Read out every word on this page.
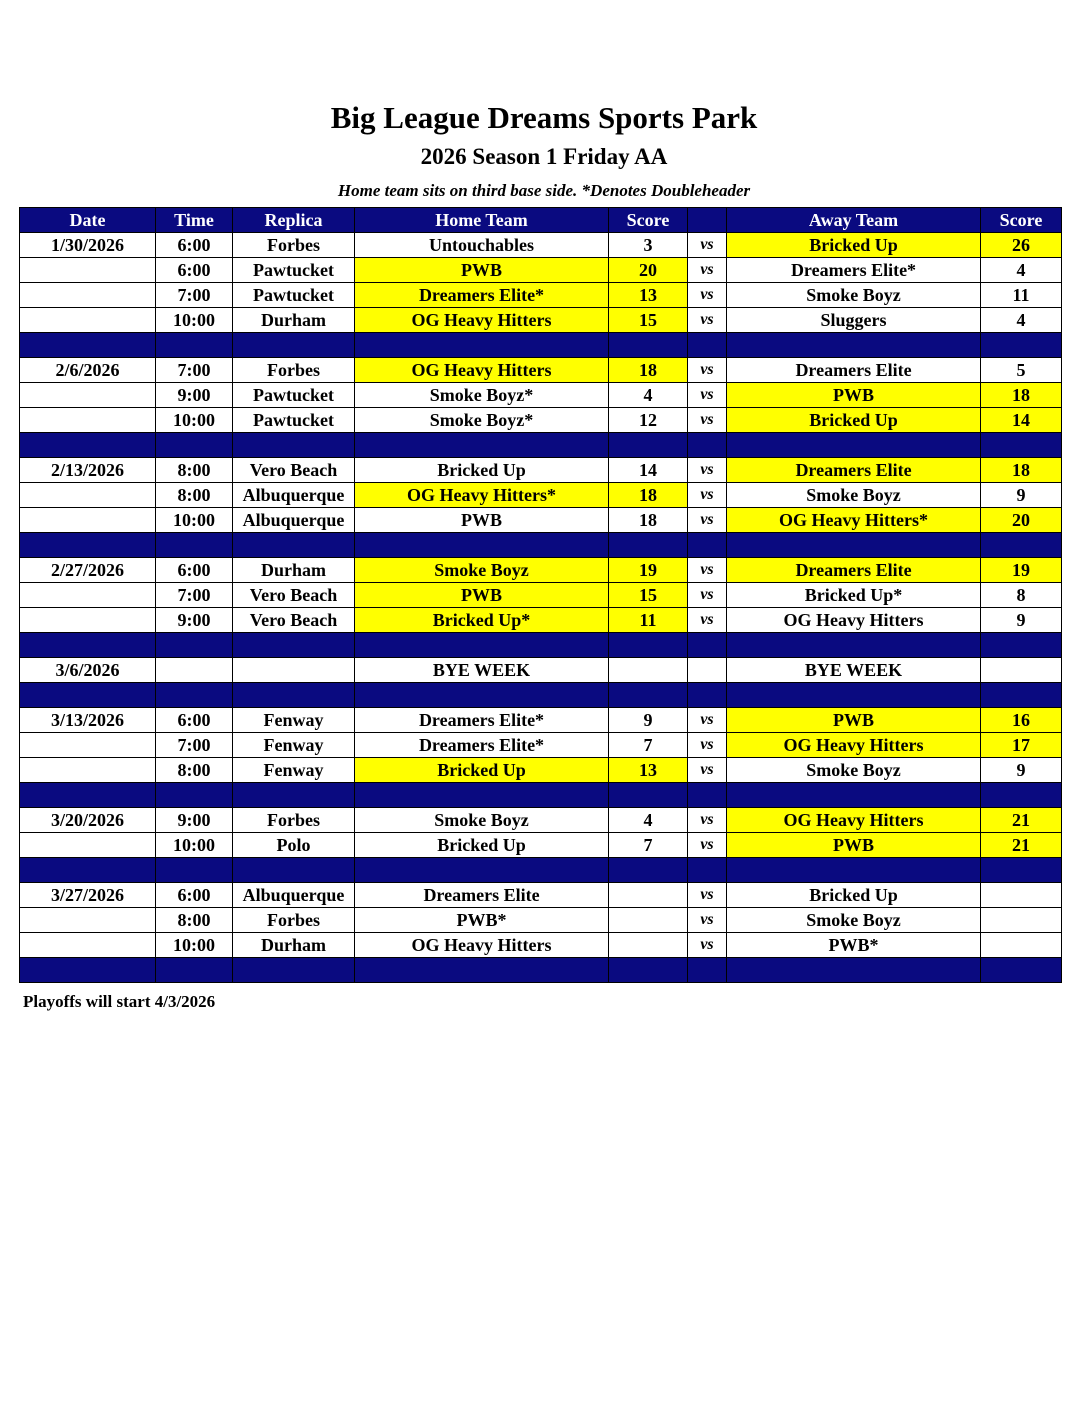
Big League Dreams Sports Park
2026 Season 1 Friday AA
Home team sits on third base side. *Denotes Doubleheader
Date	Time	Replica	Home Team	Score		Away Team	Score
1/30/2026	6:00	Forbes	Untouchables	3	vs	Bricked Up	26
	6:00	Pawtucket	PWB	20	vs	Dreamers Elite*	4
	7:00	Pawtucket	Dreamers Elite*	13	vs	Smoke Boyz	11
	10:00	Durham	OG Heavy Hitters	15	vs	Sluggers	4

2/6/2026	7:00	Forbes	OG Heavy Hitters	18	vs	Dreamers Elite	5
	9:00	Pawtucket	Smoke Boyz*	4	vs	PWB	18
	10:00	Pawtucket	Smoke Boyz*	12	vs	Bricked Up	14

2/13/2026	8:00	Vero Beach	Bricked Up	14	vs	Dreamers Elite	18
	8:00	Albuquerque	OG Heavy Hitters*	18	vs	Smoke Boyz	9
	10:00	Albuquerque	PWB	18	vs	OG Heavy Hitters*	20

2/27/2026	6:00	Durham	Smoke Boyz	19	vs	Dreamers Elite	19
	7:00	Vero Beach	PWB	15	vs	Bricked Up*	8
	9:00	Vero Beach	Bricked Up*	11	vs	OG Heavy Hitters	9

3/6/2026			BYE WEEK			BYE WEEK	

3/13/2026	6:00	Fenway	Dreamers Elite*	9	vs	PWB	16
	7:00	Fenway	Dreamers Elite*	7	vs	OG Heavy Hitters	17
	8:00	Fenway	Bricked Up	13	vs	Smoke Boyz	9

3/20/2026	9:00	Forbes	Smoke Boyz	4	vs	OG Heavy Hitters	21
	10:00	Polo	Bricked Up	7	vs	PWB	21

3/27/2026	6:00	Albuquerque	Dreamers Elite		vs	Bricked Up	
	8:00	Forbes	PWB*		vs	Smoke Boyz	
	10:00	Durham	OG Heavy Hitters		vs	PWB*	

Playoffs will start 4/3/2026
